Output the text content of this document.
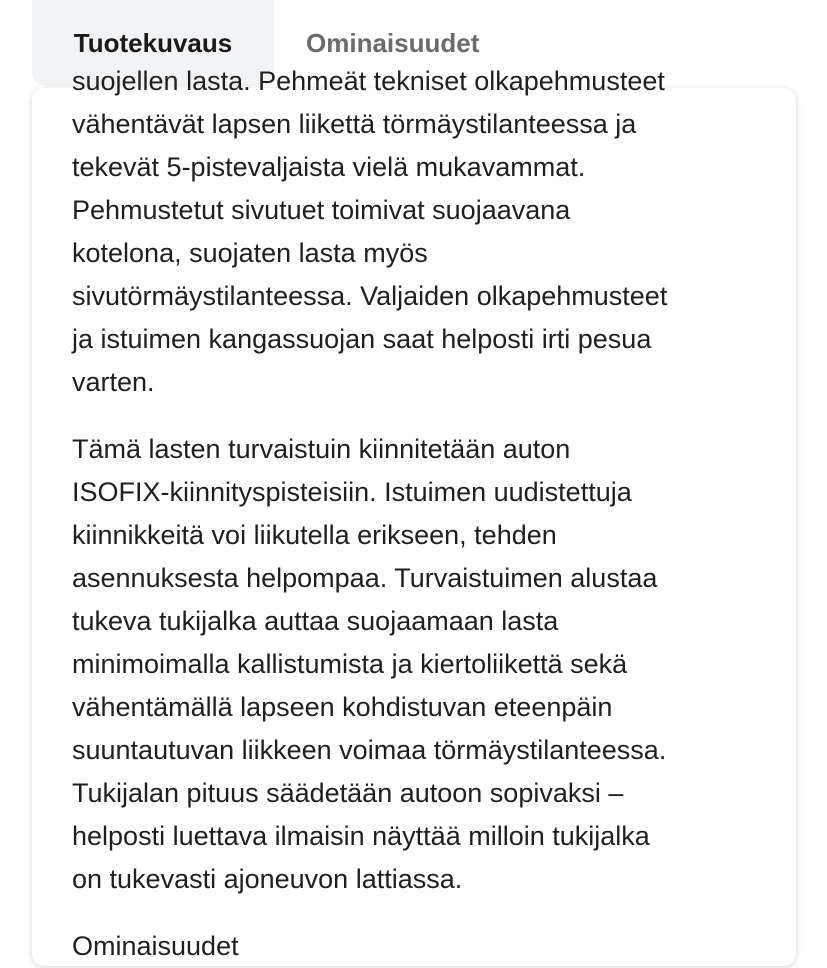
Tuotekuvaus	Ominaisuudet

suojellen lasta. Pehmeät tekniset olkapehmusteet
vähentävät lapsen liikettä törmäystilanteessa ja
tekevät 5-pistevaljaista vielä mukavammat.
Pehmustetut sivutuet toimivat suojaavana
kotelona, suojaten lasta myös
sivutörmäystilanteessa. Valjaiden olkapehmusteet
ja istuimen kangassuojan saat helposti irti pesua
varten.

Tämä lasten turvaistuin kiinnitetään auton
ISOFIX-kiinnityspisteisiin. Istuimen uudistettuja
kiinnikkeitä voi liikutella erikseen, tehden
asennuksesta helpompaa. Turvaistuimen alustaa
tukeva tukijalka auttaa suojaamaan lasta
minimoimalla kallistumista ja kiertoliikettä sekä
vähentämällä lapseen kohdistuvan eteenpäin
suuntautuvan liikkeen voimaa törmäystilanteessa.
Tukijalan pituus säädetään autoon sopivaksi –
helposti luettava ilmaisin näyttää milloin tukijalka
on tukevasti ajoneuvon lattiassa.

Ominaisuudet
